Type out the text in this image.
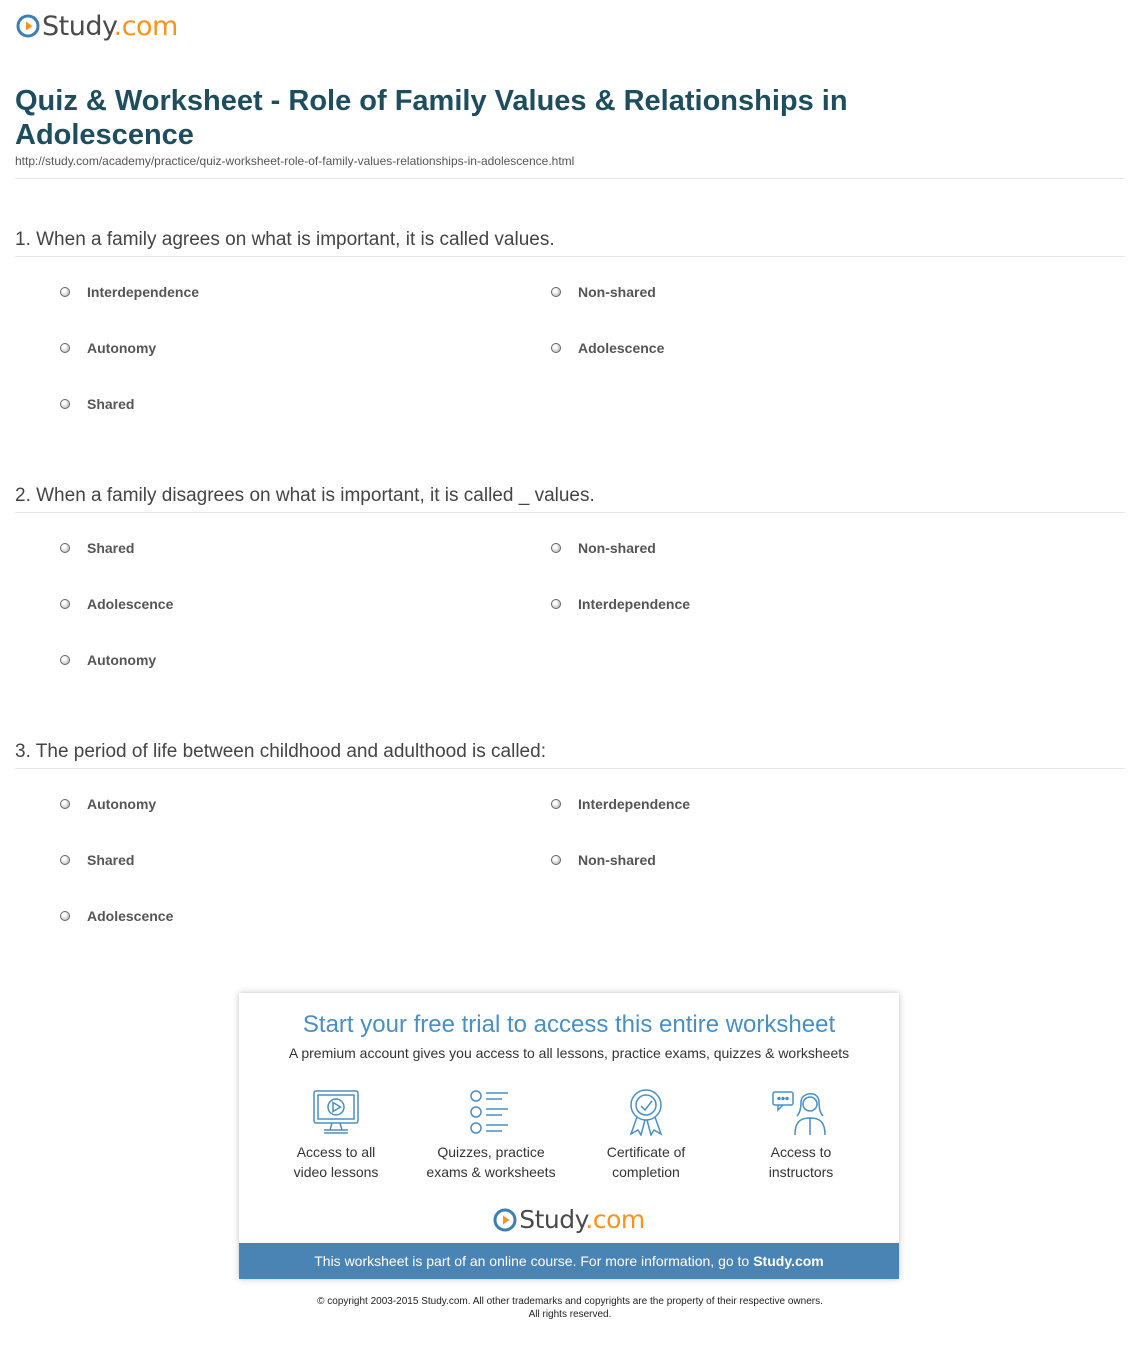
Study.com
Quiz & Worksheet - Role of Family Values & Relationships in Adolescence
http://study.com/academy/practice/quiz-worksheet-role-of-family-values-relationships-in-adolescence.html
1. When a family agrees on what is important, it is called values.
Interdependence	Non-shared
Autonomy	Adolescence
Shared
2. When a family disagrees on what is important, it is called _ values.
Shared	Non-shared
Adolescence	Interdependence
Autonomy
3. The period of life between childhood and adulthood is called:
Autonomy	Interdependence
Shared	Non-shared
Adolescence
Start your free trial to access this entire worksheet
A premium account gives you access to all lessons, practice exams, quizzes & worksheets
Access to all
video lessons
Quizzes, practice
exams & worksheets
Certificate of
completion
Access to
instructors
Study.com
This worksheet is part of an online course. For more information, go to Study.com
© copyright 2003-2015 Study.com. All other trademarks and copyrights are the property of their respective owners.
All rights reserved.
